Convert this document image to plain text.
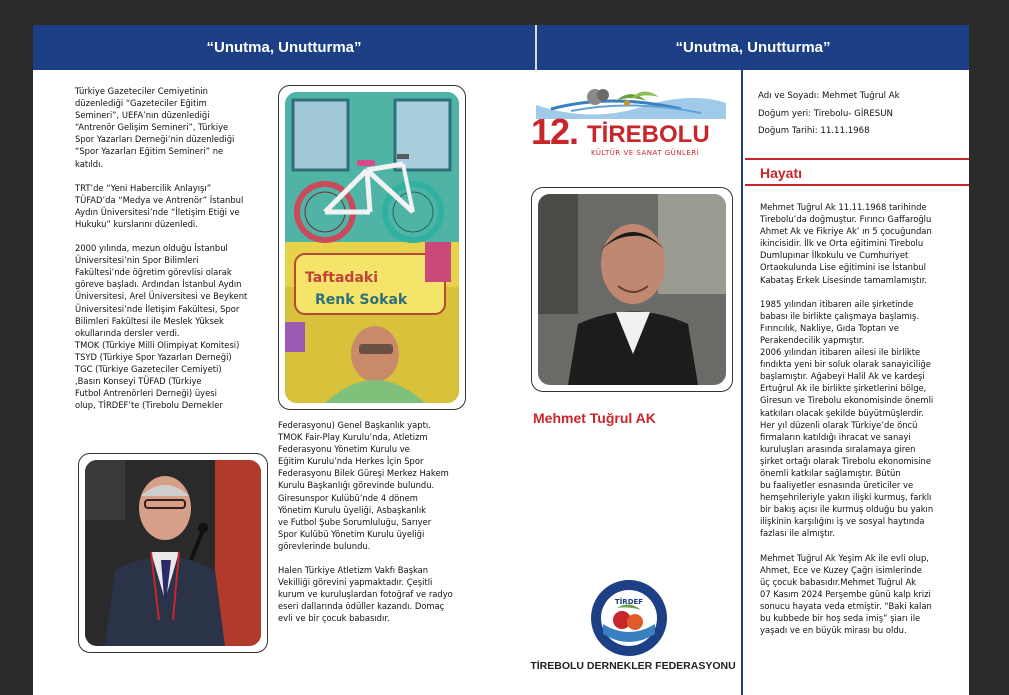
“Unutma, Unutturma”	“Unutma, Unutturma”

Türkiye Gazeteciler Cemiyetinin
düzenlediği “Gazeteciler Eğitim
Semineri”, UEFA’nın düzenlediği
“Antrenör Gelişim Semineri”, Türkiye
Spor Yazarları Derneği’nin düzenlediği
“Spor Yazarları Eğitim Semineri” ne
katıldı.

TRT’de “Yeni Habercilik Anlayışı”
TÜFAD’da “Medya ve Antrenör” İstanbul
Aydın Üniversitesi’nde “İletişim Etiği ve
Hukuku” kurslarını düzenledi.

2000 yılında, mezun olduğu İstanbul
Üniversitesi’nin Spor Bilimleri
Fakültesi’nde öğretim görevlisi olarak
göreve başladı. Ardından İstanbul Aydın
Üniversitesi, Arel Üniversitesi ve Beykent
Üniversitesi’nde İletişim Fakültesi, Spor
Bilimleri Fakültesi ile Meslek Yüksek
okullarında dersler verdi.
TMOK (Türkiye Milli Olimpiyat Komitesi)
TSYD (Türkiye Spor Yazarları Derneği)
TGC (Türkiye Gazeteciler Cemiyeti)
,Basın Konseyi TÜFAD (Türkiye
Futbol Antrenörleri Derneği) üyesi
olup, TİRDEF’te (Tirebolu Dernekler

Taftadaki
Renk Sokak

Federasyonu) Genel Başkanlık yaptı.
TMOK Fair-Play Kurulu’nda, Atletizm
Federasyonu Yönetim Kurulu ve
Eğitim Kurulu’nda Herkes İçin Spor
Federasyonu Bilek Güreşi Merkez Hakem
Kurulu Başkanlığı görevinde bulundu.
Giresunspor Kulübü’nde 4 dönem
Yönetim Kurulu üyeliği, Asbaşkanlık
ve Futbol Şube Sorumluluğu, Sarıyer
Spor Kulübü Yönetim Kurulu üyeliği
görevlerinde bulundu.

Halen Türkiye Atletizm Vakfı Başkan
Vekilliği görevini yapmaktadır. Çeşitli
kurum ve kuruluşlardan fotoğraf ve radyo
eseri dallarında ödüller kazandı. Domaç
evli ve bir çocuk babasıdır.

12. TİREBOLU
KÜLTÜR VE SANAT GÜNLERİ
Mehmet Tuğrul AK
TİRDEF
TİREBOLU DERNEKLER FEDERASYONU
Adı ve Soyadı: Mehmet Tuğrul Ak
Doğum yeri: Tirebolu- GİRESUN
Doğum Tarihi: 11.11.1968
Hayatı

Mehmet Tuğrul Ak 11.11.1968 tarihinde
Tirebolu’da doğmuştur. Fırıncı Gaffaroğlu
Ahmet Ak ve Fikriye Ak’ ın 5 çocuğundan
ikincisidir. İlk ve Orta eğitimini Tirebolu
Dumlupınar İlkokulu ve Cumhuriyet
Ortaokulunda Lise eğitimini ise İstanbul
Kabataş Erkek Lisesinde tamamlamıştır.

1985 yılından itibaren aile şirketinde
babası ile birlikte çalışmaya başlamış.
Fırıncılık, Nakliye, Gıda Toptan ve
Perakendecilik yapmıştır.
2006 yılından itibaren ailesi ile birlikte
fındıkta yeni bir soluk olarak sanayiciliğe
başlamıştır. Ağabeyi Halil Ak ve kardeşi
Ertuğrul Ak ile birlikte şirketlerini bölge,
Giresun ve Tirebolu ekonomisinde önemli
katkıları olacak şekilde büyütmüşlerdir.
Her yıl düzenli olarak Türkiye’de öncü
firmaların katıldığı ihracat ve sanayi
kuruluşları arasında sıralamaya giren
şirket ortağı olarak Tirebolu ekonomisine
önemli katkılar sağlamıştır. Bütün
bu faaliyetler esnasında üreticiler ve
hemşehrileriyle yakın ilişki kurmuş, farklı
bir bakış açısı ile kurmuş olduğu bu yakın
ilişkinin karşılığını iş ve sosyal haytında
fazlası ile almıştır.

Mehmet Tuğrul Ak Yeşim Ak ile evli olup,
Ahmet, Ece ve Kuzey Çağrı isimlerinde
üç çocuk babasıdır.Mehmet Tuğrul Ak
07 Kasım 2024 Perşembe günü kalp krizi
sonucu hayata veda etmiştir. “Baki kalan
bu kubbede bir hoş seda imiş” şiarı ile
yaşadı ve en büyük mirası bu oldu.
